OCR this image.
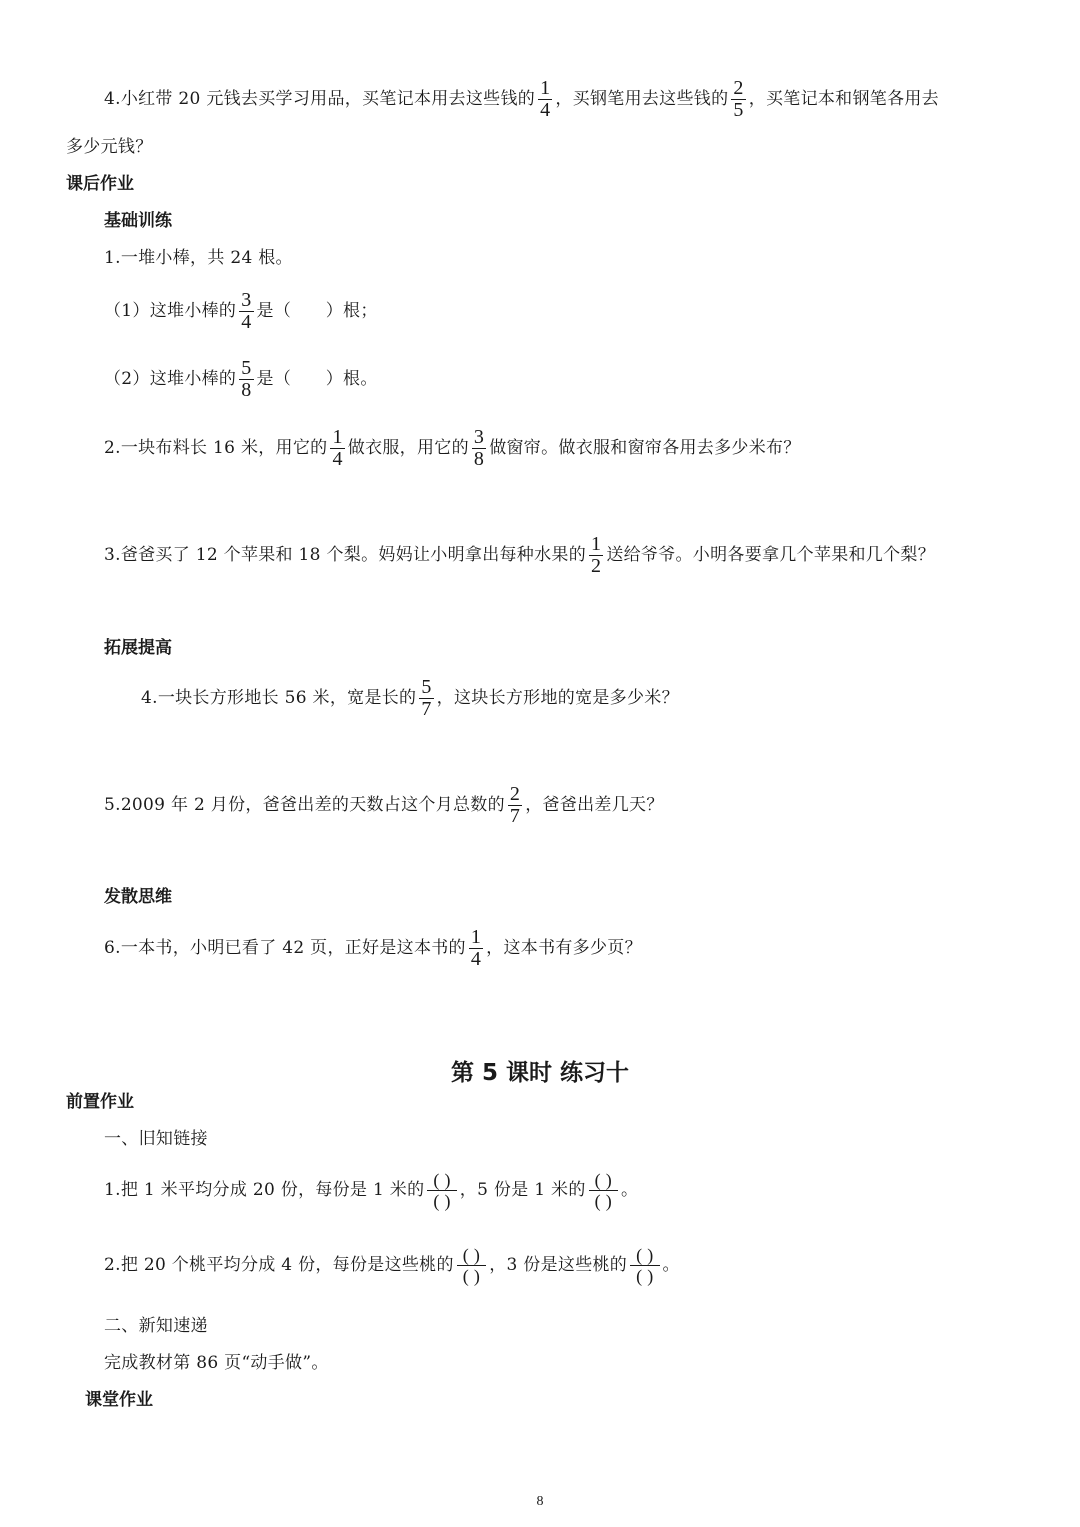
4.小红带 20 元钱去买学习用品，买笔记本用去这些钱的 $\frac{1}{4}$ ，买钢笔用去这些钱的 $\frac{2}{5}$ ，买笔记本和钢笔各用去
多少元钱？
课后作业
基础训练
1.一堆小棒，共 24 根。
（1）这堆小棒的 $\frac{3}{4}$ 是（　　）根；
（2）这堆小棒的 $\frac{5}{8}$ 是（　　）根。
2.一块布料长 16 米，用它的 $\frac{1}{4}$ 做衣服，用它的 $\frac{3}{8}$ 做窗帘。做衣服和窗帘各用去多少米布？
3.爸爸买了 12 个苹果和 18 个梨。妈妈让小明拿出每种水果的 $\frac{1}{2}$ 送给爷爷。小明各要拿几个苹果和几个梨？
拓展提高
4.一块长方形地长 56 米，宽是长的 $\frac{5}{7}$ ，这块长方形地的宽是多少米？
5.2009 年 2 月份，爸爸出差的天数占这个月总数的 $\frac{2}{7}$ ，爸爸出差几天？
发散思维
6.一本书，小明已看了 42 页，正好是这本书的 $\frac{1}{4}$ ，这本书有多少页？
第 5 课时 练习十
前置作业
一、旧知链接
1.把 1 米平均分成 20 份，每份是 1 米的 ( )
( )
，5 份是 1 米的 ( )
( )
。
2.把 20 个桃平均分成 4 份，每份是这些桃的 ( )
( )
，3 份是这些桃的 ( )
( )
。
二、新知速递
完成教材第 86 页“动手做”。
课堂作业
8
